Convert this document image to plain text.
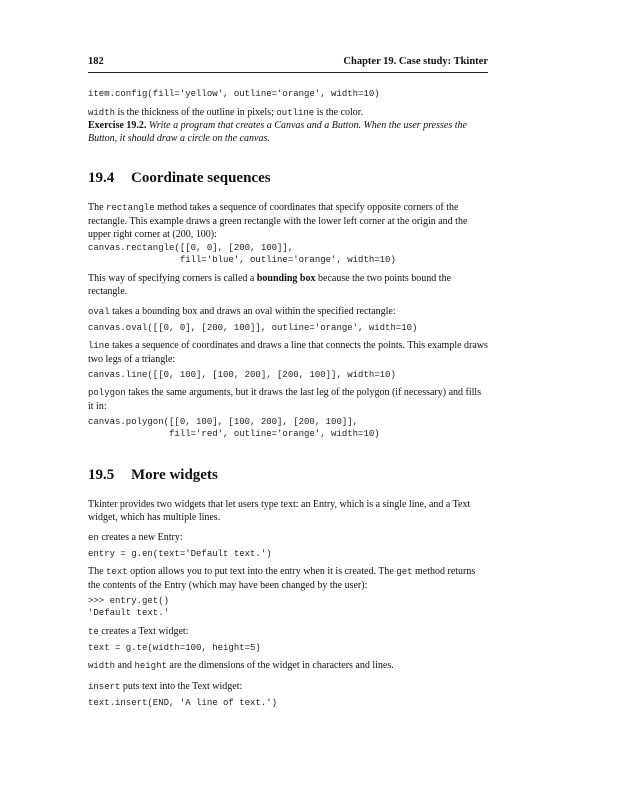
182	Chapter 19. Case study: Tkinter
item.config(fill='yellow', outline='orange', width=10)

width is the thickness of the outline in pixels; outline is the color.

Exercise 19.2. Write a program that creates a Canvas and a Button. When the user presses the Button, it should draw a circle on the canvas.

19.4	Coordinate sequences

The rectangle method takes a sequence of coordinates that specify opposite corners of the rectangle. This example draws a green rectangle with the lower left corner at the origin and the upper right corner at (200, 100):

canvas.rectangle([[0, 0], [200, 100]],
fill='blue', outline='orange', width=10)

This way of specifying corners is called a bounding box because the two points bound the rectangle.

oval takes a bounding box and draws an oval within the specified rectangle:

canvas.oval([[0, 0], [200, 100]], outline='orange', width=10)

line takes a sequence of coordinates and draws a line that connects the points. This example draws two legs of a triangle:

canvas.line([[0, 100], [100, 200], [200, 100]], width=10)

polygon takes the same arguments, but it draws the last leg of the polygon (if necessary) and fills it in:

canvas.polygon([[0, 100], [100, 200], [200, 100]],
fill='red', outline='orange', width=10)
19.5	More widgets

Tkinter provides two widgets that let users type text: an Entry, which is a single line, and a Text widget, which has multiple lines.

en creates a new Entry:

entry = g.en(text='Default text.')

The text option allows you to put text into the entry when it is created. The get method returns the contents of the Entry (which may have been changed by the user):

>>> entry.get()
'Default text.'

te creates a Text widget:

text = g.te(width=100, height=5)

width and height are the dimensions of the widget in characters and lines.

insert puts text into the Text widget:

text.insert(END, 'A line of text.')
